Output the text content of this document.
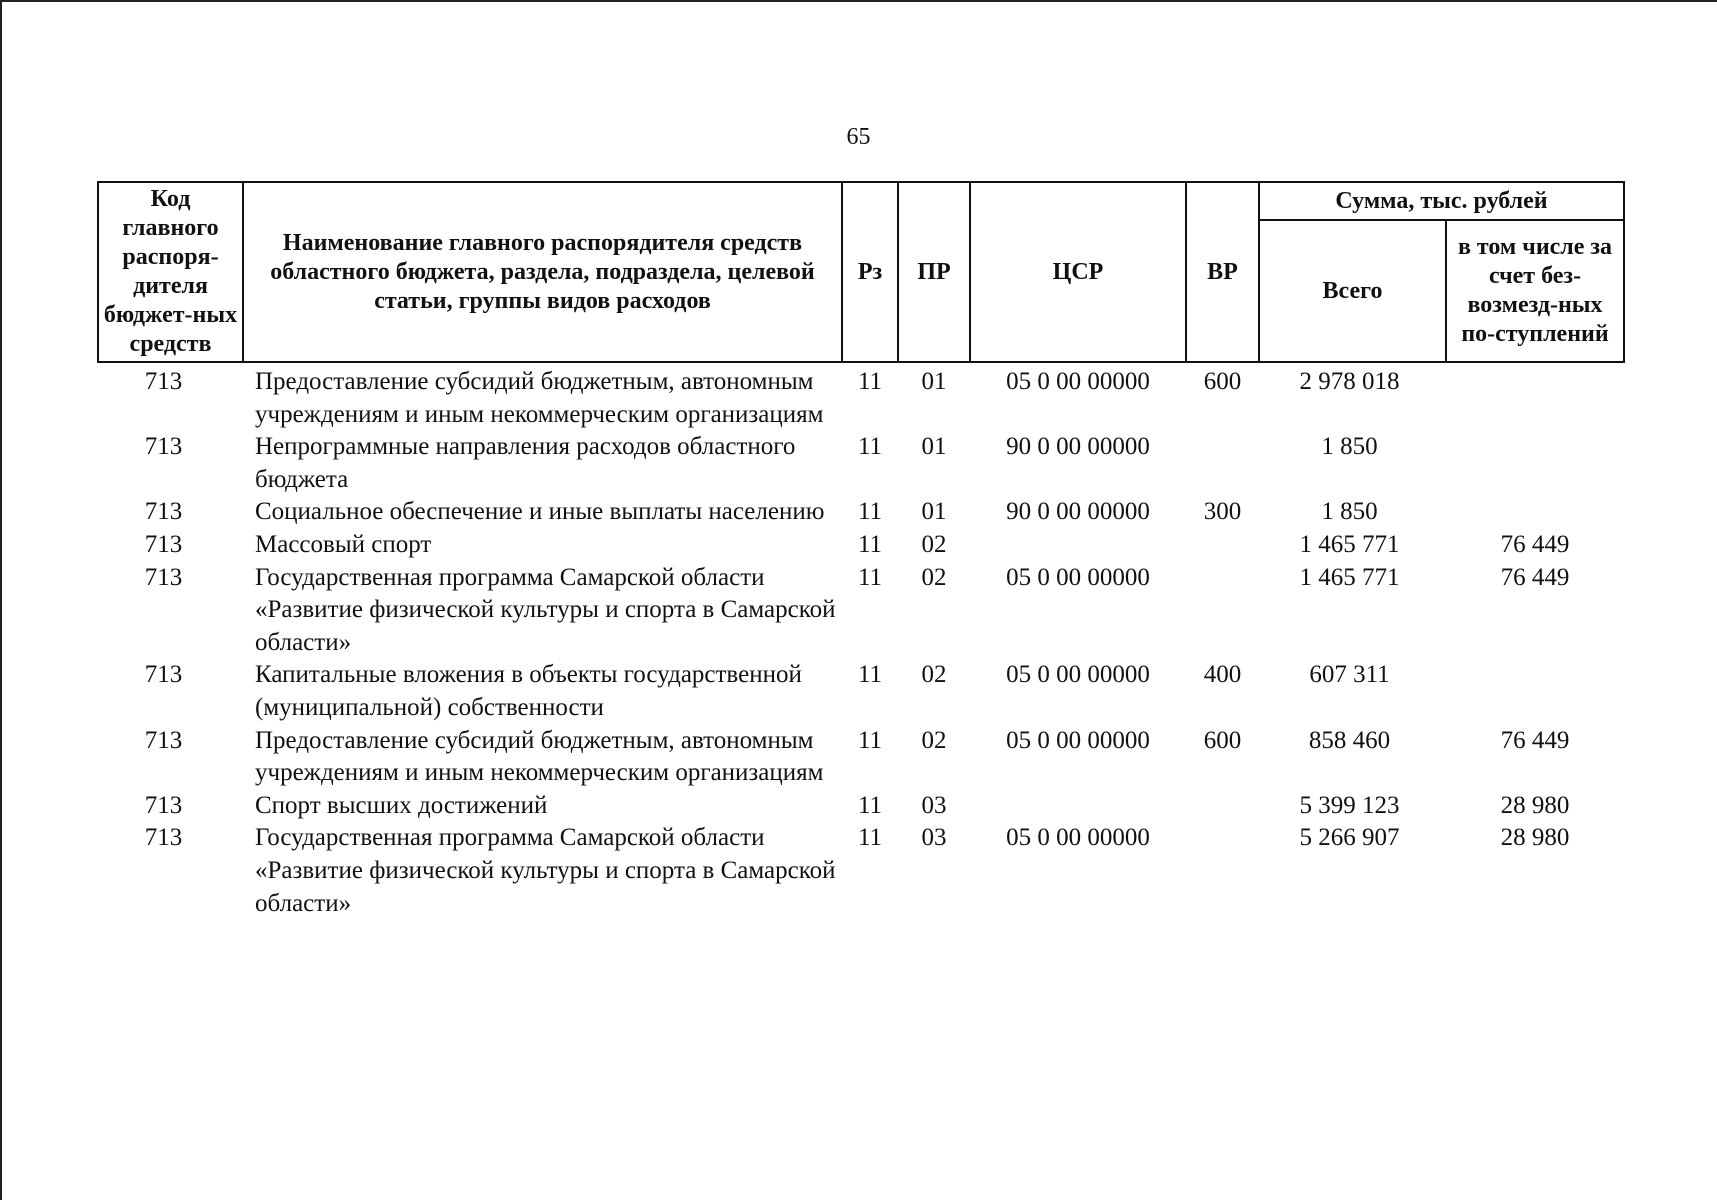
65
Код главного распоря-дителя бюджет-ных средств	Наименование главного распорядителя средств областного бюджета, раздела, подраздела, целевой статьи, группы видов расходов	Рз	ПР	ЦСР	ВР	Сумма, тыс. рублей	
						Всего	в том числе за счет без-возмезд-ных по-ступлений
713	Предоставление субсидий бюджетным, автономным учреждениям и иным некоммерческим организациям	11	01	05 0 00 00000	600	2 978 018	
713	Непрограммные направления расходов областного бюджета	11	01	90 0 00 00000		1 850	
713	Социальное обеспечение и иные выплаты населению	11	01	90 0 00 00000	300	1 850	
713	Массовый спорт	11	02			1 465 771	76 449
713	Государственная программа Самарской области «Развитие физической культуры и спорта в Самарской области»	11	02	05 0 00 00000		1 465 771	76 449
713	Капитальные вложения в объекты государственной (муниципальной) собственности	11	02	05 0 00 00000	400	607 311	
713	Предоставление субсидий бюджетным, автономным учреждениям и иным некоммерческим организациям	11	02	05 0 00 00000	600	858 460	76 449
713	Спорт высших достижений	11	03			5 399 123	28 980
713	Государственная программа Самарской области «Развитие физической культуры и спорта в Самарской области»	11	03	05 0 00 00000		5 266 907	28 980
